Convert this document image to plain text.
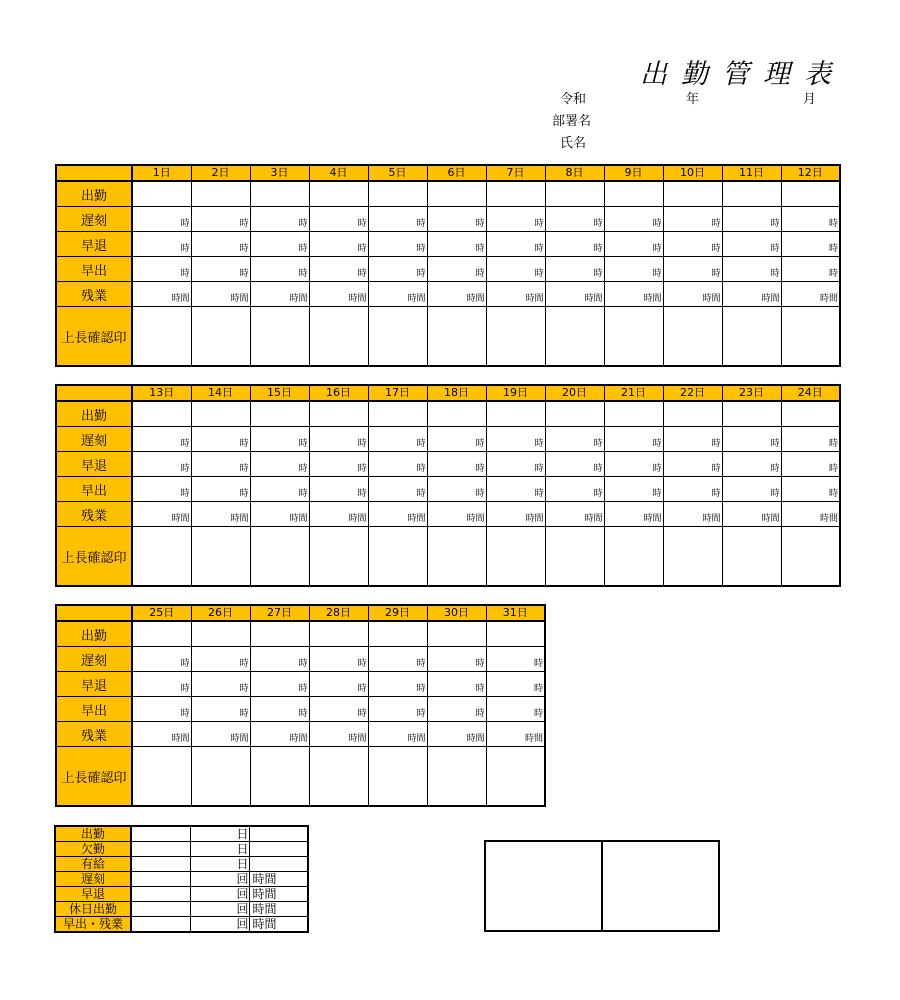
出勤管理表
令和	年	月
部署名
氏名
	1日	2日	3日	4日	5日	6日	7日	8日	9日	10日	11日	12日

出勤												

遅刻	時	時	時	時	時	時	時	時	時	時	時	時

早退	時	時	時	時	時	時	時	時	時	時	時	時

早出	時	時	時	時	時	時	時	時	時	時	時	時

残業	時間	時間	時間	時間	時間	時間	時間	時間	時間	時間	時間	時間

上長確認印												

	13日	14日	15日	16日	17日	18日	19日	20日	21日	22日	23日	24日

出勤												

遅刻	時	時	時	時	時	時	時	時	時	時	時	時

早退	時	時	時	時	時	時	時	時	時	時	時	時

早出	時	時	時	時	時	時	時	時	時	時	時	時

残業	時間	時間	時間	時間	時間	時間	時間	時間	時間	時間	時間	時間

上長確認印												

	25日	26日	27日	28日	29日	30日	31日

出勤							

遅刻	時	時	時	時	時	時	時

早退	時	時	時	時	時	時	時

早出	時	時	時	時	時	時	時

残業	時間	時間	時間	時間	時間	時間	時間

上長確認印							

出勤		日	
欠勤		日	
有給		日	
遅刻		回	時間
早退		回	時間
休日出勤		回	時間
早出・残業		回	時間
